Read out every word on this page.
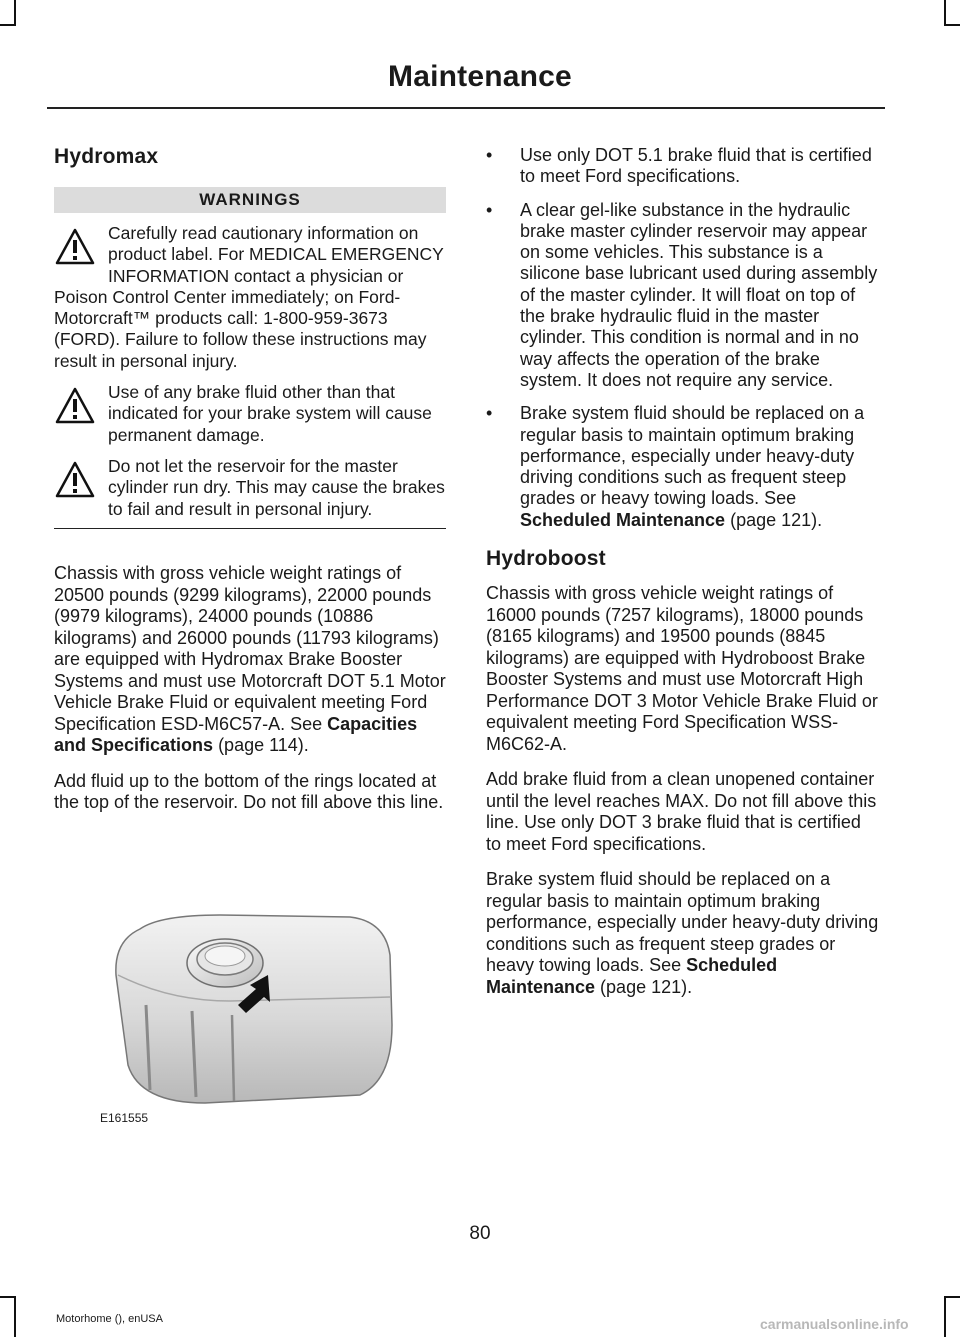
Maintenance
Hydromax
WARNINGS
Carefully read cautionary information on product label. For MEDICAL EMERGENCY INFORMATION contact a physician or Poison Control Center immediately; on Ford-Motorcraft™ products call: 1-800-959-3673 (FORD). Failure to follow these instructions may result in personal injury.
Use of any brake fluid other than that indicated for your brake system will cause permanent damage.
Do not let the reservoir for the master cylinder run dry. This may cause the brakes to fail and result in personal injury.

Chassis with gross vehicle weight ratings of 20500 pounds (9299 kilograms), 22000 pounds (9979 kilograms), 24000 pounds (10886 kilograms) and 26000 pounds (11793 kilograms) are equipped with Hydromax Brake Booster Systems and must use Motorcraft DOT 5.1 Motor Vehicle Brake Fluid or equivalent meeting Ford Specification ESD-M6C57-A. See Capacities and Specifications (page 114).

Add fluid up to the bottom of the rings located at the top of the reservoir. Do not fill above this line.

E161555
• Use only DOT 5.1 brake fluid that is certified to meet Ford specifications.
• A clear gel-like substance in the hydraulic brake master cylinder reservoir may appear on some vehicles. This substance is a silicone base lubricant used during assembly of the master cylinder. It will float on top of the brake hydraulic fluid in the master cylinder. This condition is normal and in no way affects the operation of the brake system. It does not require any service.
• Brake system fluid should be replaced on a regular basis to maintain optimum braking performance, especially under heavy-duty driving conditions such as frequent steep grades or heavy towing loads. See Scheduled Maintenance (page 121).
Hydroboost

Chassis with gross vehicle weight ratings of 16000 pounds (7257 kilograms), 18000 pounds (8165 kilograms) and 19500 pounds (8845 kilograms) are equipped with Hydroboost Brake Booster Systems and must use Motorcraft High Performance DOT 3 Motor Vehicle Brake Fluid or equivalent meeting Ford Specification WSS-M6C62-A.

Add brake fluid from a clean unopened container until the level reaches MAX. Do not fill above this line. Use only DOT 3 brake fluid that is certified to meet Ford specifications.

Brake system fluid should be replaced on a regular basis to maintain optimum braking performance, especially under heavy-duty driving conditions such as frequent steep grades or heavy towing loads. See Scheduled Maintenance (page 121).

80
Motorhome (), enUSA	carmanualsonline.info
